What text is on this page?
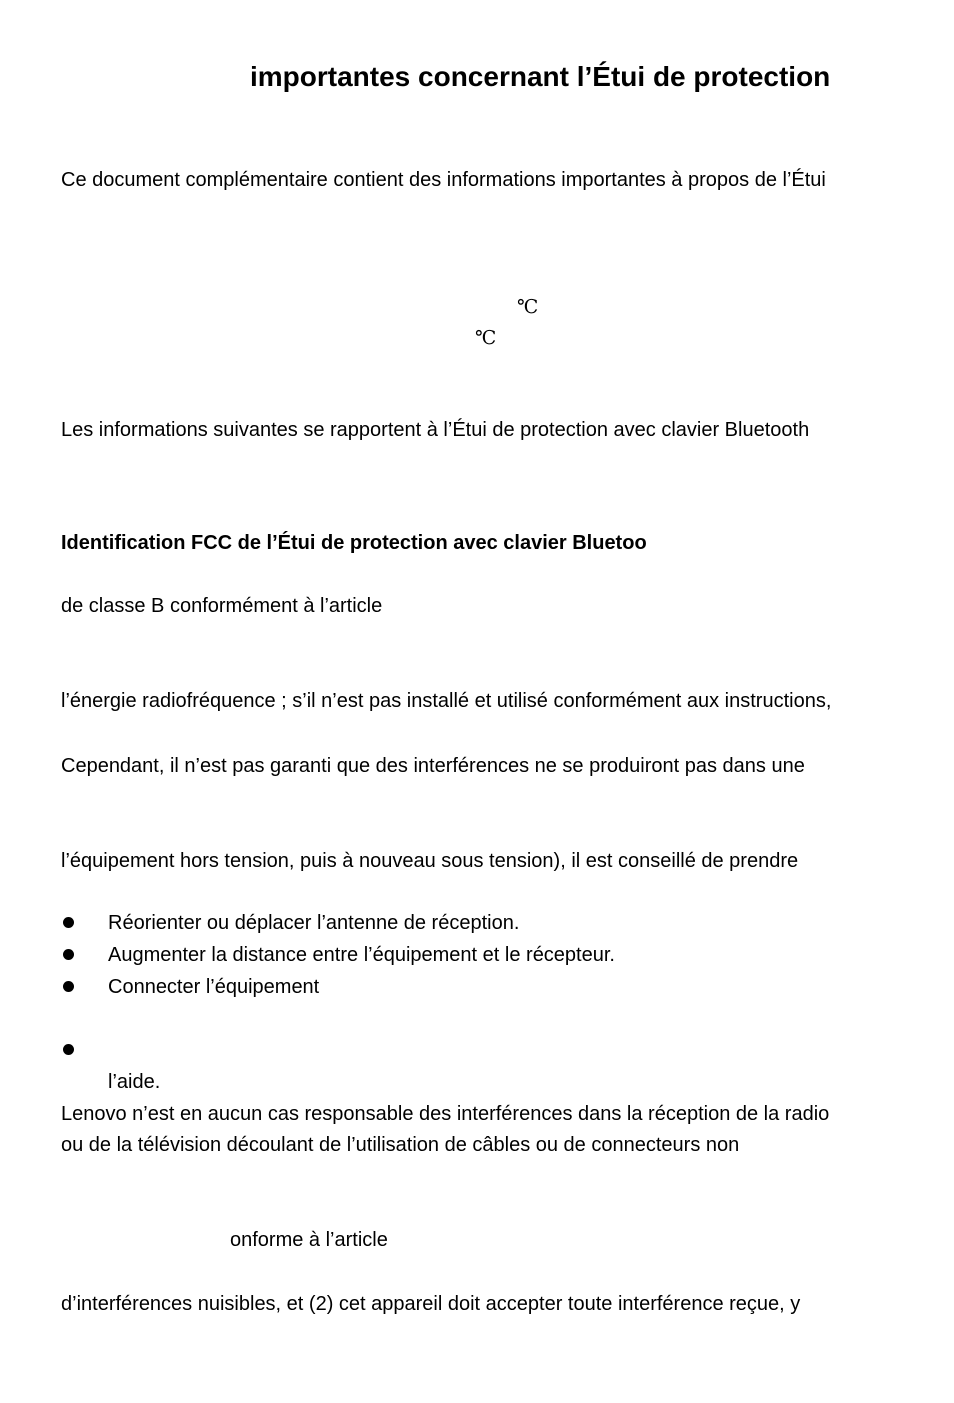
importantes concernant l’Étui de protection
Ce document complémentaire contient des informations importantes à propos de l’Étui
℃
℃
Les informations suivantes se rapportent à l’Étui de protection avec clavier Bluetooth
Identification FCC de l’Étui de protection avec clavier Bluetoo
de classe B conformément à l’article
l’énergie radiofréquence ; s’il n’est pas installé et utilisé conformément aux instructions,
Cependant, il n’est pas garanti que des interférences ne se produiront pas dans une
l’équipement hors tension, puis à nouveau sous tension), il est conseillé de prendre
Réorienter ou déplacer l’antenne de réception.
Augmenter la distance entre l’équipement et le récepteur.
Connecter l’équipement
l’aide.
Lenovo n’est en aucun cas responsable des interférences dans la réception de la radio
ou de la télévision découlant de l’utilisation de câbles ou de connecteurs non
onforme à l’article
d’interférences nuisibles, et (2) cet appareil doit accepter toute interférence reçue, y
